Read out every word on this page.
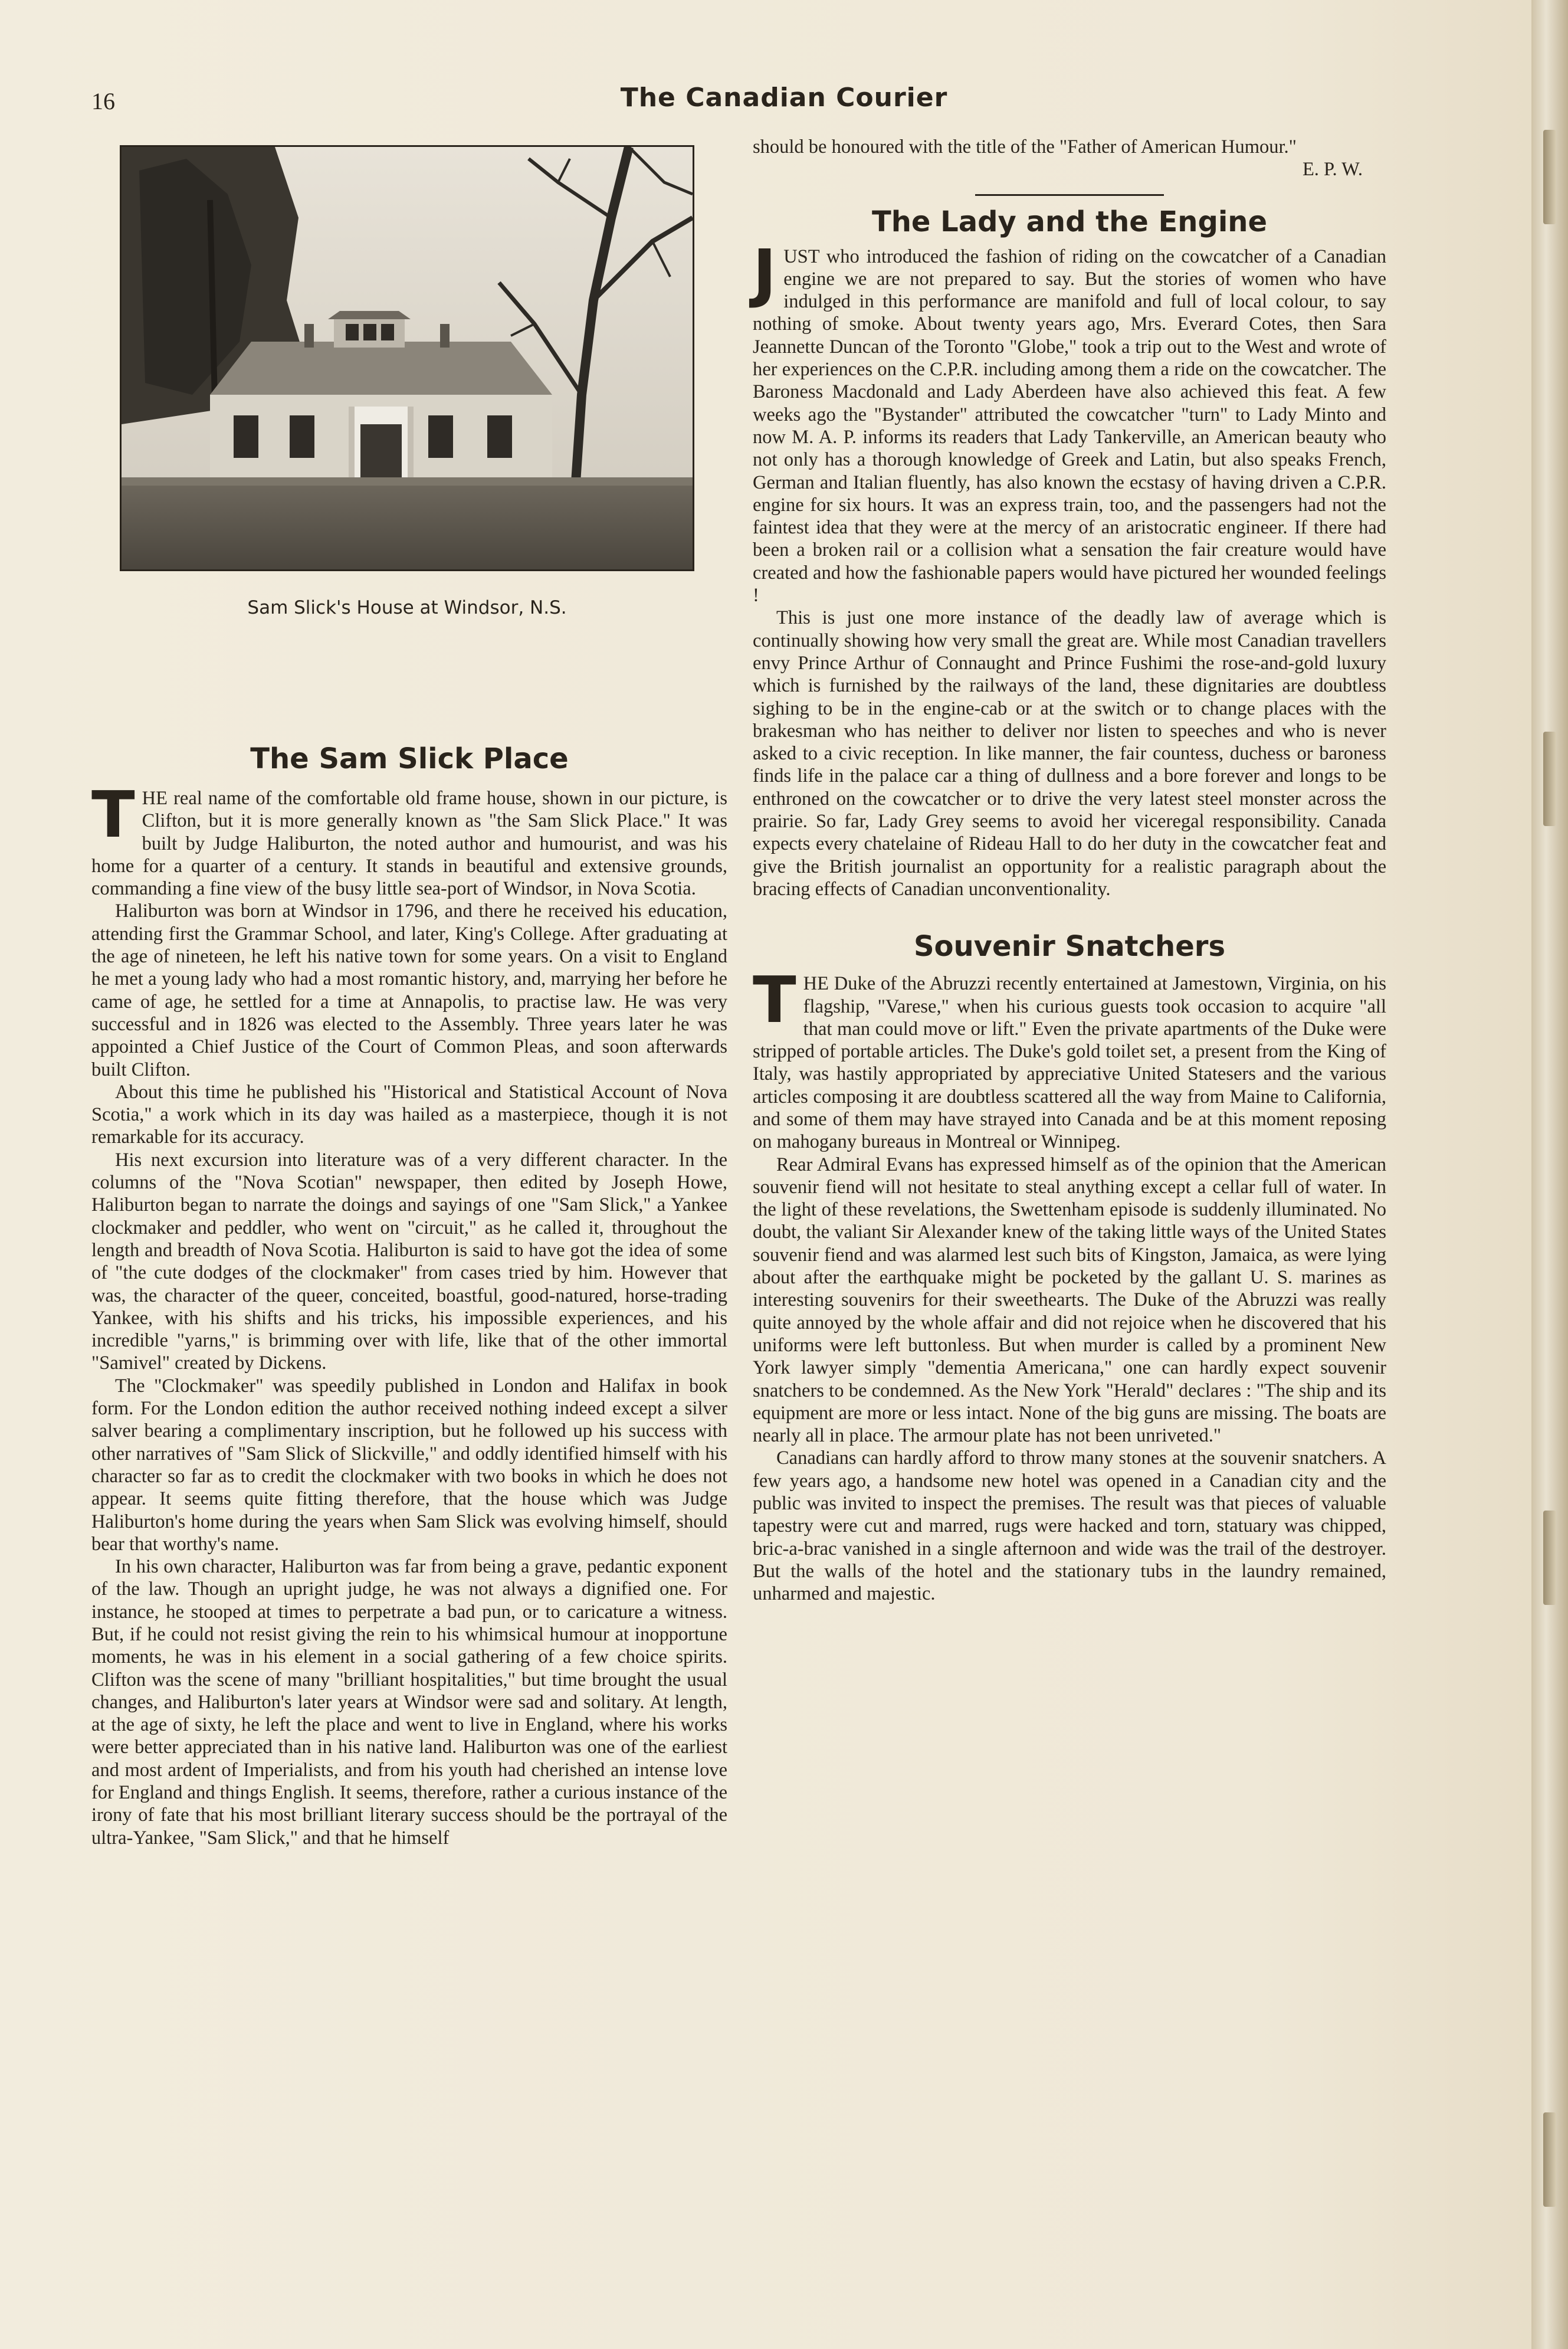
16	The Canadian Courier
Sam Slick's House at Windsor, N.S.
The Sam Slick Place

THE real name of the comfortable old frame house, shown in our picture, is Clifton, but it is more generally known as "the Sam Slick Place." It was built by Judge Haliburton, the noted author and humourist, and was his home for a quarter of a century. It stands in beautiful and extensive grounds, commanding a fine view of the busy little sea-port of Windsor, in Nova Scotia.

Haliburton was born at Windsor in 1796, and there he received his education, attending first the Grammar School, and later, King's College. After graduating at the age of nineteen, he left his native town for some years. On a visit to England he met a young lady who had a most romantic history, and, marrying her before he came of age, he settled for a time at Annapolis, to practise law. He was very successful and in 1826 was elected to the Assembly. Three years later he was appointed a Chief Justice of the Court of Common Pleas, and soon afterwards built Clifton.

About this time he published his "Historical and Statistical Account of Nova Scotia," a work which in its day was hailed as a masterpiece, though it is not remarkable for its accuracy.

His next excursion into literature was of a very different character. In the columns of the "Nova Scotian" newspaper, then edited by Joseph Howe, Haliburton began to narrate the doings and sayings of one "Sam Slick," a Yankee clockmaker and peddler, who went on "circuit," as he called it, throughout the length and breadth of Nova Scotia. Haliburton is said to have got the idea of some of "the cute dodges of the clockmaker" from cases tried by him. However that was, the character of the queer, conceited, boastful, good-natured, horse-trading Yankee, with his shifts and his tricks, his impossible experiences, and his incredible "yarns," is brimming over with life, like that of the other immortal "Samivel" created by Dickens.

The "Clockmaker" was speedily published in London and Halifax in book form. For the London edition the author received nothing indeed except a silver salver bearing a complimentary inscription, but he followed up his success with other narratives of "Sam Slick of Slickville," and oddly identified himself with his character so far as to credit the clockmaker with two books in which he does not appear. It seems quite fitting therefore, that the house which was Judge Haliburton's home during the years when Sam Slick was evolving himself, should bear that worthy's name.

In his own character, Haliburton was far from being a grave, pedantic exponent of the law. Though an upright judge, he was not always a dignified one. For instance, he stooped at times to perpetrate a bad pun, or to caricature a witness. But, if he could not resist giving the rein to his whimsical humour at inopportune moments, he was in his element in a social gathering of a few choice spirits. Clifton was the scene of many "brilliant hospitalities," but time brought the usual changes, and Haliburton's later years at Windsor were sad and solitary. At length, at the age of sixty, he left the place and went to live in England, where his works were better appreciated than in his native land. Haliburton was one of the earliest and most ardent of Imperialists, and from his youth had cherished an intense love for England and things English. It seems, therefore, rather a curious instance of the irony of fate that his most brilliant literary success should be the portrayal of the ultra-Yankee, "Sam Slick," and that he himself

should be honoured with the title of the "Father of American Humour."

E. P. W.

The Lady and the Engine

JUST who introduced the fashion of riding on the cowcatcher of a Canadian engine we are not prepared to say. But the stories of women who have indulged in this performance are manifold and full of local colour, to say nothing of smoke. About twenty years ago, Mrs. Everard Cotes, then Sara Jeannette Duncan of the Toronto "Globe," took a trip out to the West and wrote of her experiences on the C.P.R. including among them a ride on the cowcatcher. The Baroness Macdonald and Lady Aberdeen have also achieved this feat. A few weeks ago the "Bystander" attributed the cowcatcher "turn" to Lady Minto and now M. A. P. informs its readers that Lady Tankerville, an American beauty who not only has a thorough knowledge of Greek and Latin, but also speaks French, German and Italian fluently, has also known the ecstasy of having driven a C.P.R. engine for six hours. It was an express train, too, and the passengers had not the faintest idea that they were at the mercy of an aristocratic engineer. If there had been a broken rail or a collision what a sensation the fair creature would have created and how the fashionable papers would have pictured her wounded feelings !

This is just one more instance of the deadly law of average which is continually showing how very small the great are. While most Canadian travellers envy Prince Arthur of Connaught and Prince Fushimi the rose-and-gold luxury which is furnished by the railways of the land, these dignitaries are doubtless sighing to be in the engine-cab or at the switch or to change places with the brakesman who has neither to deliver nor listen to speeches and who is never asked to a civic reception. In like manner, the fair countess, duchess or baroness finds life in the palace car a thing of dullness and a bore forever and longs to be enthroned on the cowcatcher or to drive the very latest steel monster across the prairie. So far, Lady Grey seems to avoid her viceregal responsibility. Canada expects every chatelaine of Rideau Hall to do her duty in the cowcatcher feat and give the British journalist an opportunity for a realistic paragraph about the bracing effects of Canadian unconventionality.

Souvenir Snatchers

THE Duke of the Abruzzi recently entertained at Jamestown, Virginia, on his flagship, "Varese," when his curious guests took occasion to acquire "all that man could move or lift." Even the private apartments of the Duke were stripped of portable articles. The Duke's gold toilet set, a present from the King of Italy, was hastily appropriated by appreciative United Statesers and the various articles composing it are doubtless scattered all the way from Maine to California, and some of them may have strayed into Canada and be at this moment reposing on mahogany bureaus in Montreal or Winnipeg.

Rear Admiral Evans has expressed himself as of the opinion that the American souvenir fiend will not hesitate to steal anything except a cellar full of water. In the light of these revelations, the Swettenham episode is suddenly illuminated. No doubt, the valiant Sir Alexander knew of the taking little ways of the United States souvenir fiend and was alarmed lest such bits of Kingston, Jamaica, as were lying about after the earthquake might be pocketed by the gallant U. S. marines as interesting souvenirs for their sweethearts. The Duke of the Abruzzi was really quite annoyed by the whole affair and did not rejoice when he discovered that his uniforms were left buttonless. But when murder is called by a prominent New York lawyer simply "dementia Americana," one can hardly expect souvenir snatchers to be condemned. As the New York "Herald" declares : "The ship and its equipment are more or less intact. None of the big guns are missing. The boats are nearly all in place. The armour plate has not been unriveted."

Canadians can hardly afford to throw many stones at the souvenir snatchers. A few years ago, a handsome new hotel was opened in a Canadian city and the public was invited to inspect the premises. The result was that pieces of valuable tapestry were cut and marred, rugs were hacked and torn, statuary was chipped, bric-a-brac vanished in a single afternoon and wide was the trail of the destroyer. But the walls of the hotel and the stationary tubs in the laundry remained, unharmed and majestic.
